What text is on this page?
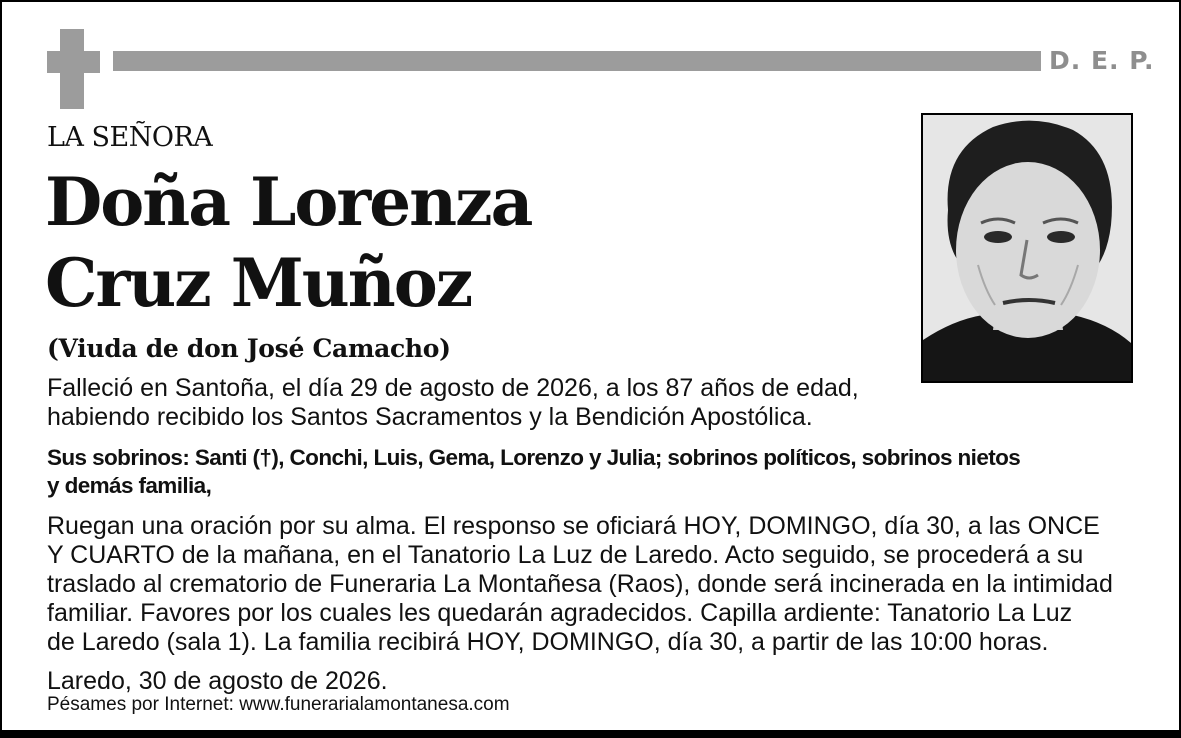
D. E. P.
LA SEÑORA
Doña Lorenza
Cruz Muñoz
(Viuda de don José Camacho)
Falleció en Santoña, el día 29 de agosto de 2026, a los 87 años de edad,
habiendo recibido los Santos Sacramentos y la Bendición Apostólica.
Sus sobrinos: Santi (†), Conchi, Luis, Gema, Lorenzo y Julia; sobrinos políticos, sobrinos nietos
y demás familia,
Ruegan una oración por su alma. El responso se oficiará HOY, DOMINGO, día 30, a las ONCE
Y CUARTO de la mañana, en el Tanatorio La Luz de Laredo. Acto seguido, se procederá a su
traslado al crematorio de Funeraria La Montañesa (Raos), donde será incinerada en la intimidad
familiar. Favores por los cuales les quedarán agradecidos. Capilla ardiente: Tanatorio La Luz
de Laredo (sala 1). La familia recibirá HOY, DOMINGO, día 30, a partir de las 10:00 horas.
Laredo, 30 de agosto de 2026.
Pésames por Internet: www.funerarialamontanesa.com
